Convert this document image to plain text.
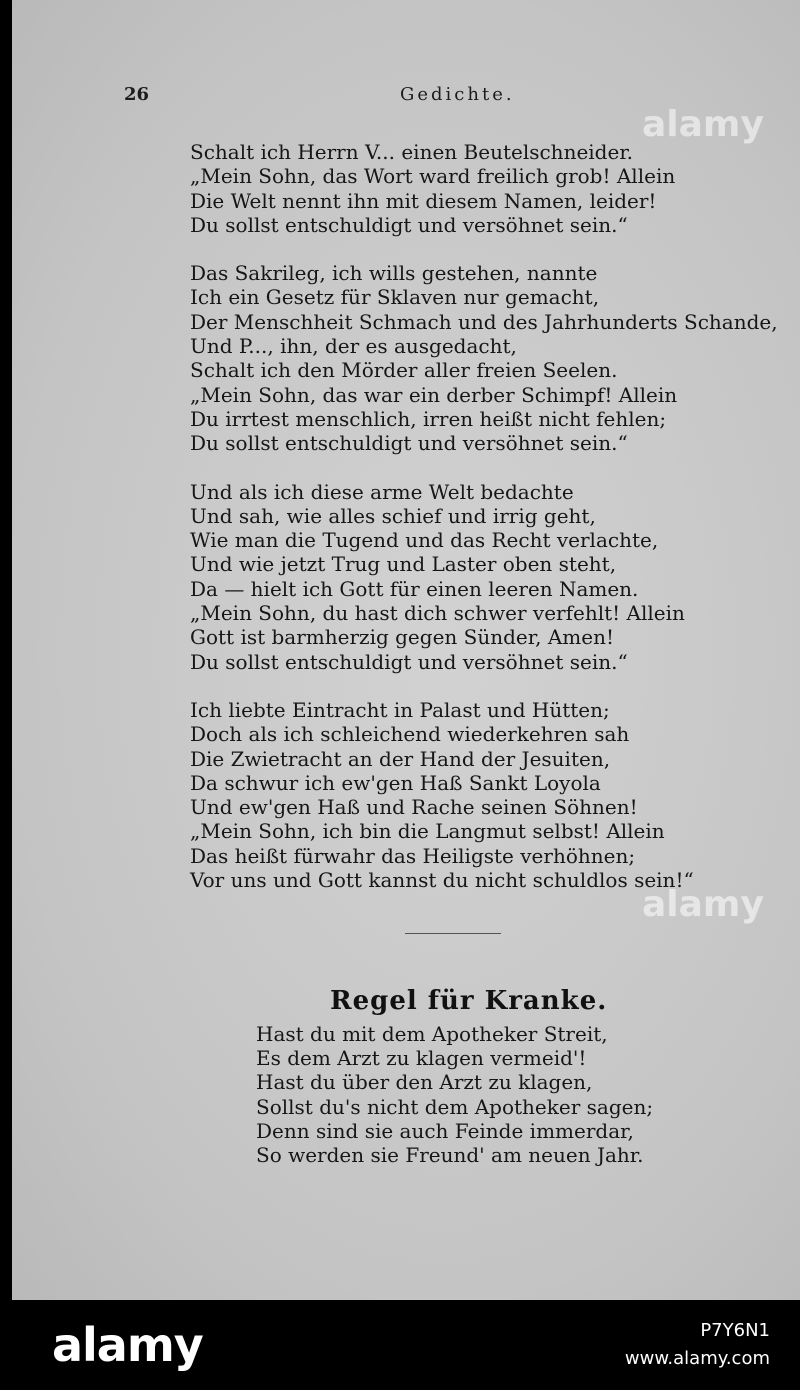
26	Gedichte.
Schalt ich Herrn V... einen Beutelschneider.
„Mein Sohn, das Wort ward freilich grob! Allein
Die Welt nennt ihn mit diesem Namen, leider!
Du sollst entschuldigt und versöhnet sein.“
Das Sakrileg, ich wills gestehen, nannte
Ich ein Gesetz für Sklaven nur gemacht,
Der Menschheit Schmach und des Jahrhunderts Schande,
Und P..., ihn, der es ausgedacht,
Schalt ich den Mörder aller freien Seelen.
„Mein Sohn, das war ein derber Schimpf! Allein
Du irrtest menschlich, irren heißt nicht fehlen;
Du sollst entschuldigt und versöhnet sein.“
Und als ich diese arme Welt bedachte
Und sah, wie alles schief und irrig geht,
Wie man die Tugend und das Recht verlachte,
Und wie jetzt Trug und Laster oben steht,
Da — hielt ich Gott für einen leeren Namen.
„Mein Sohn, du hast dich schwer verfehlt! Allein
Gott ist barmherzig gegen Sünder, Amen!
Du sollst entschuldigt und versöhnet sein.“
Ich liebte Eintracht in Palast und Hütten;
Doch als ich schleichend wiederkehren sah
Die Zwietracht an der Hand der Jesuiten,
Da schwur ich ew'gen Haß Sankt Loyola
Und ew'gen Haß und Rache seinen Söhnen!
„Mein Sohn, ich bin die Langmut selbst! Allein
Das heißt fürwahr das Heiligste verhöhnen;
Vor uns und Gott kannst du nicht schuldlos sein!“
Regel für Kranke.
Hast du mit dem Apotheker Streit,
Es dem Arzt zu klagen vermeid'!
Hast du über den Arzt zu klagen,
Sollst du's nicht dem Apotheker sagen;
Denn sind sie auch Feinde immerdar,
So werden sie Freund' am neuen Jahr.
alamy
alamy
alamy	P7Y6N1
www.alamy.com
